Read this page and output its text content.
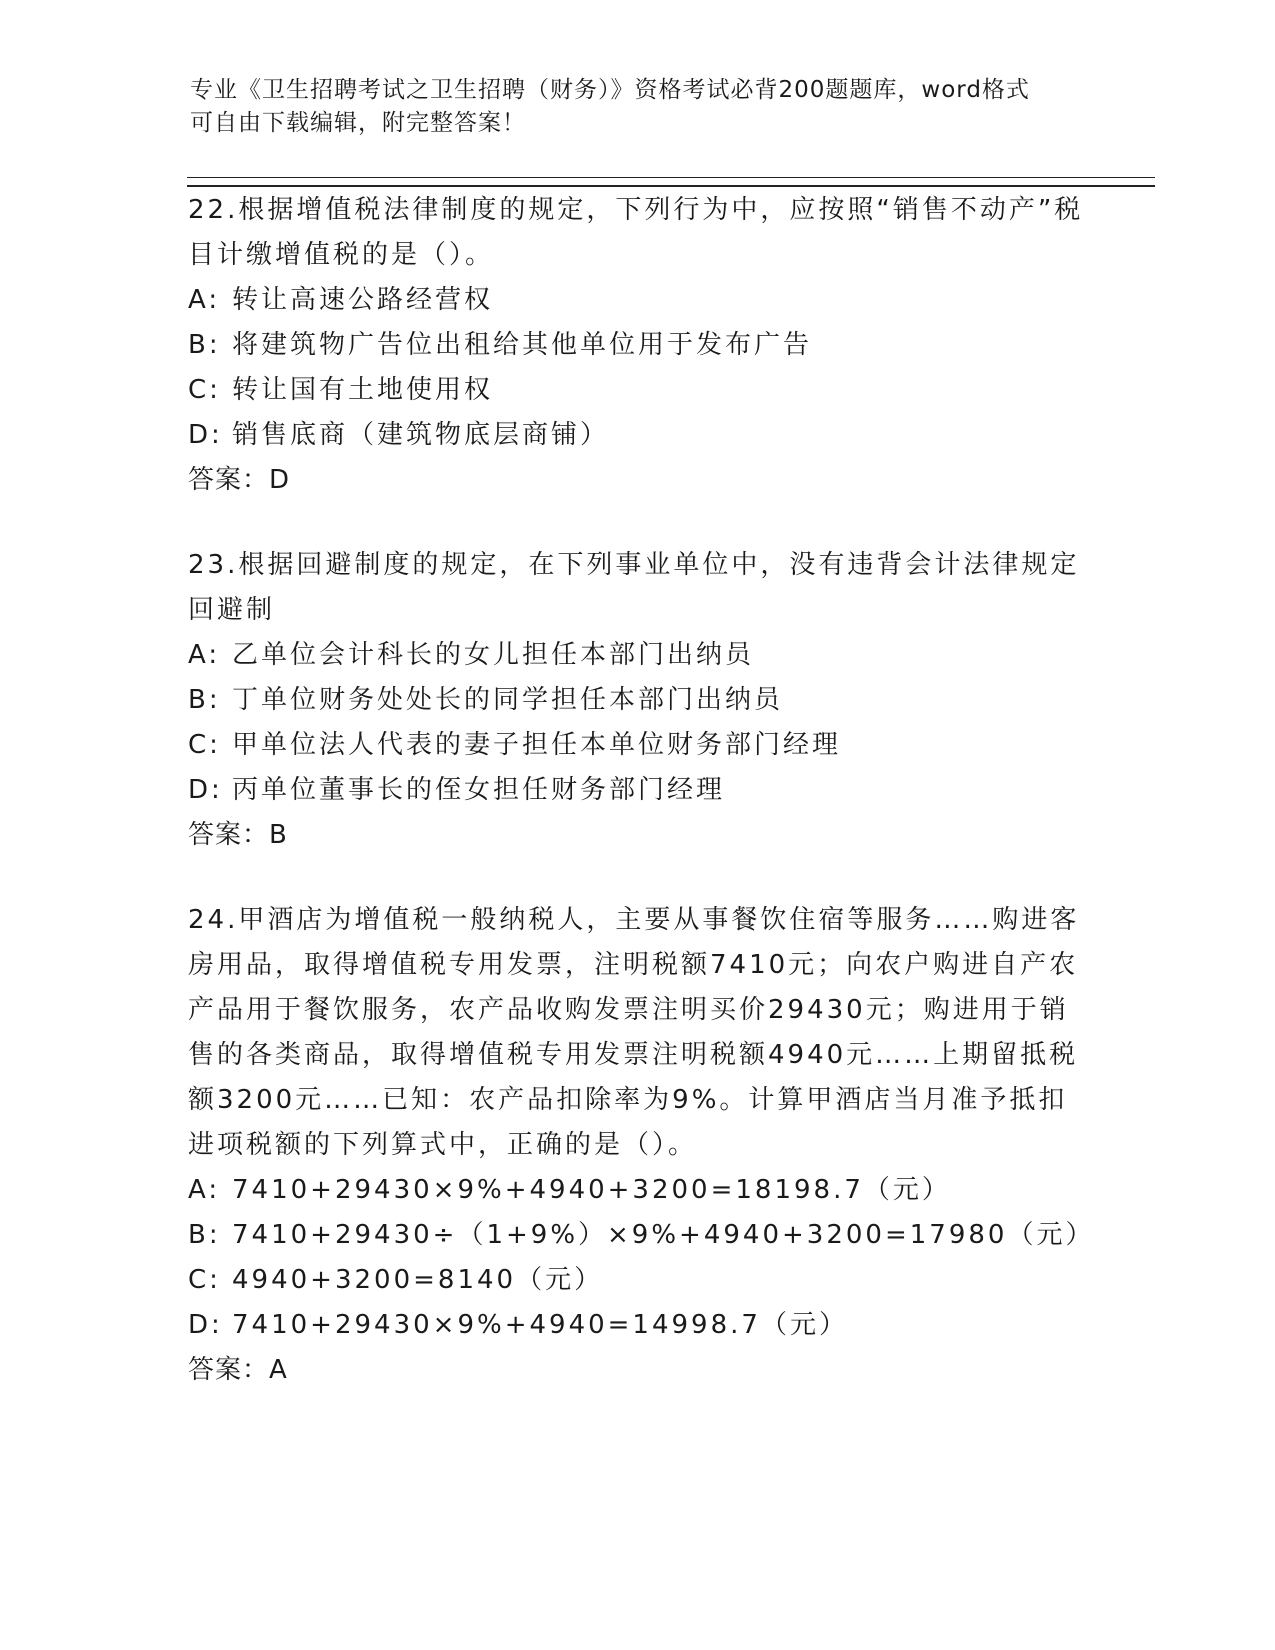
专业《卫生招聘考试之卫生招聘（财务）》资格考试必背200题题库，word格式
可自由下载编辑，附完整答案！

22.根据增值税法律制度的规定，下列行为中，应按照“销售不动产”税目计缴增值税的是（）。

A: 转让高速公路经营权

B: 将建筑物广告位出租给其他单位用于发布广告

C: 转让国有土地使用权

D: 销售底商（建筑物底层商铺）

答案：D

23.根据回避制度的规定，在下列事业单位中，没有违背会计法律规定回避制

A: 乙单位会计科长的女儿担任本部门出纳员

B: 丁单位财务处处长的同学担任本部门出纳员

C: 甲单位法人代表的妻子担任本单位财务部门经理

D: 丙单位董事长的侄女担任财务部门经理

答案：B

24.甲酒店为增值税一般纳税人，主要从事餐饮住宿等服务……购进客房用品，取得增值税专用发票，注明税额7410元；向农户购进自产农产品用于餐饮服务，农产品收购发票注明买价29430元；购进用于销售的各类商品，取得增值税专用发票注明税额4940元……上期留抵税额3200元……已知：农产品扣除率为9%。计算甲酒店当月准予抵扣进项税额的下列算式中，正确的是（）。

A: 7410+29430×9%+4940+3200=18198.7（元）

B: 7410+29430÷（1+9%）×9%+4940+3200=17980（元）

C: 4940+3200=8140（元）

D: 7410+29430×9%+4940=14998.7（元）

答案：A
